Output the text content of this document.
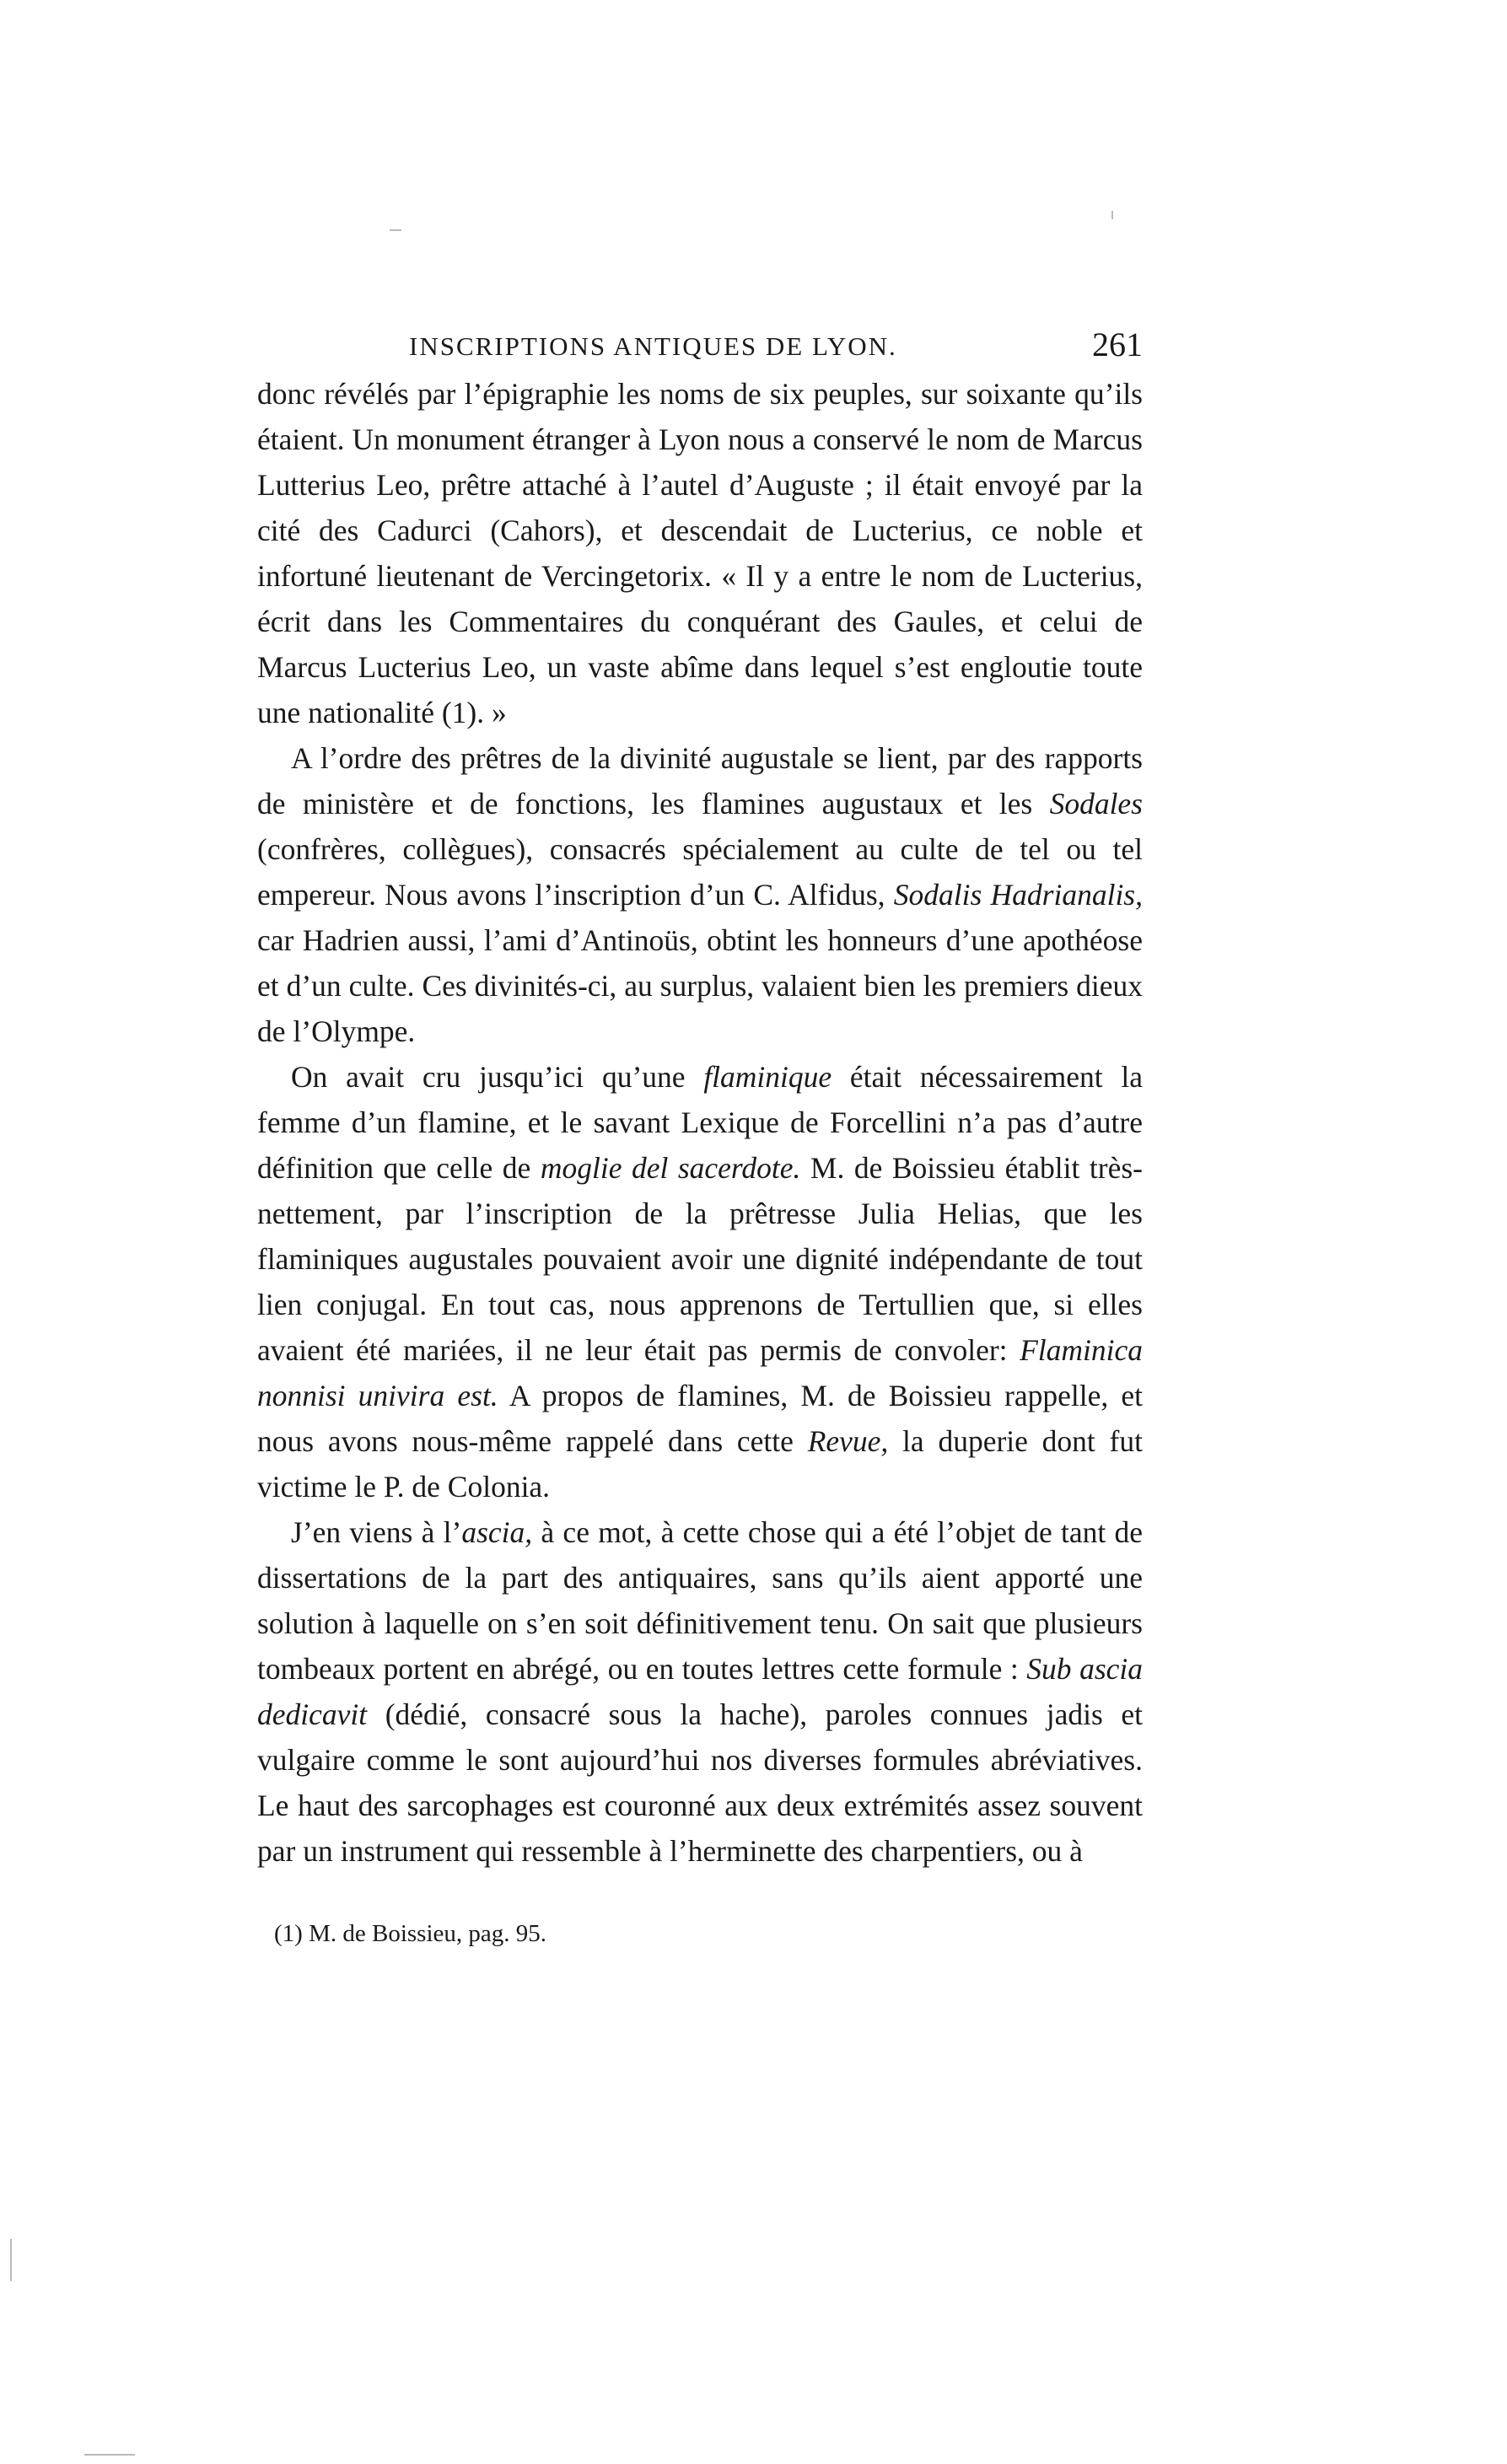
INSCRIPTIONS ANTIQUES DE LYON.	261

donc révélés par l’épigraphie les noms de six peuples, sur soixante qu’ils étaient. Un monument étranger à Lyon nous a conservé le nom de Marcus Lutterius Leo, prêtre attaché à l’autel d’Auguste ; il était envoyé par la cité des Cadurci (Cahors), et descendait de Lucterius, ce noble et infortuné lieutenant de Vercingetorix. « Il y a entre le nom de Lucterius, écrit dans les Commentaires du conquérant des Gaules, et celui de Marcus Lucterius Leo, un vaste abîme dans lequel s’est engloutie toute une nationalité (1). »

A l’ordre des prêtres de la divinité augustale se lient, par des rapports de ministère et de fonctions, les flamines augustaux et les Sodales (confrères, collègues), consacrés spécialement au culte de tel ou tel empereur. Nous avons l’inscription d’un C. Alfidus, Sodalis Hadrianalis, car Hadrien aussi, l’ami d’Antinoüs, obtint les honneurs d’une apothéose et d’un culte. Ces divinités-ci, au surplus, valaient bien les premiers dieux de l’Olympe.

On avait cru jusqu’ici qu’une flaminique était nécessairement la femme d’un flamine, et le savant Lexique de Forcellini n’a pas d’autre définition que celle de moglie del sacerdote. M. de Boissieu établit très-nettement, par l’inscription de la prêtresse Julia Helias, que les flaminiques augustales pouvaient avoir une dignité indépendante de tout lien conjugal. En tout cas, nous apprenons de Tertullien que, si elles avaient été mariées, il ne leur était pas permis de convoler: Flaminica nonnisi univira est. A propos de flamines, M. de Boissieu rappelle, et nous avons nous-même rappelé dans cette Revue, la duperie dont fut victime le P. de Colonia.

J’en viens à l’ascia, à ce mot, à cette chose qui a été l’objet de tant de dissertations de la part des antiquaires, sans qu’ils aient apporté une solution à laquelle on s’en soit définitivement tenu. On sait que plusieurs tombeaux portent en abrégé, ou en toutes lettres cette formule : Sub ascia dedicavit (dédié, consacré sous la hache), paroles connues jadis et vulgaire comme le sont aujourd’hui nos diverses formules abréviatives. Le haut des sarcophages est couronné aux deux extrémités assez souvent par un instrument qui ressemble à l’herminette des charpentiers, ou à

(1) M. de Boissieu, pag. 95.
